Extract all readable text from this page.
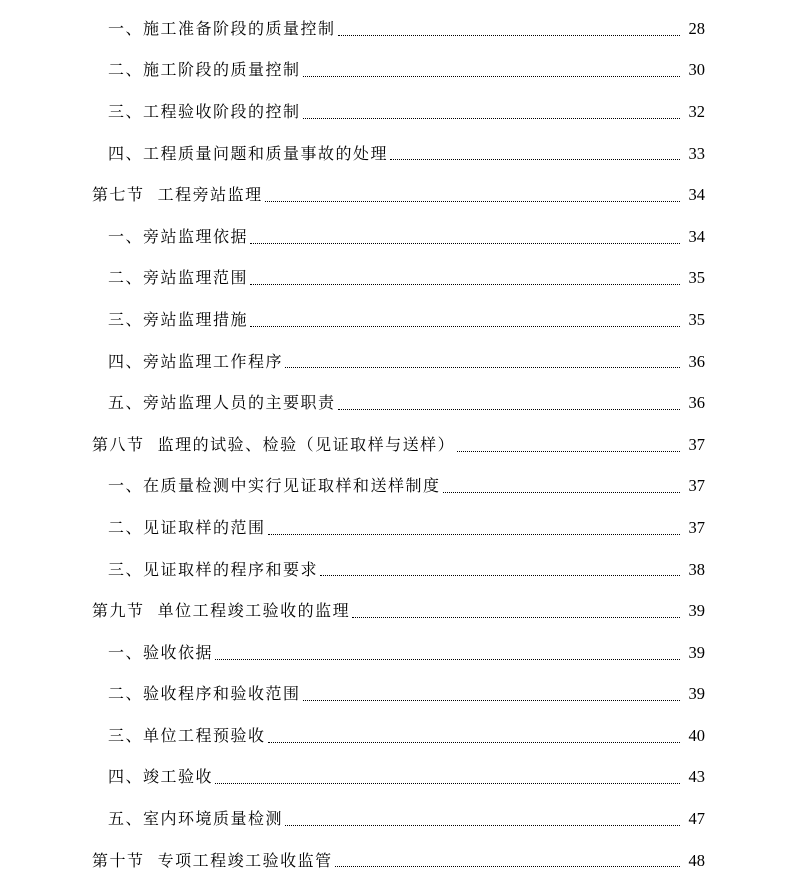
一、施工准备阶段的质量控制	28
二、施工阶段的质量控制	30
三、工程验收阶段的控制	32
四、工程质量问题和质量事故的处理	33
第七节  工程旁站监理	34
一、旁站监理依据	34
二、旁站监理范围	35
三、旁站监理措施	35
四、旁站监理工作程序	36
五、旁站监理人员的主要职责	36
第八节  监理的试验、检验（见证取样与送样）	37
一、在质量检测中实行见证取样和送样制度	37
二、见证取样的范围	37
三、见证取样的程序和要求	38
第九节  单位工程竣工验收的监理	39
一、验收依据	39
二、验收程序和验收范围	39
三、单位工程预验收	40
四、竣工验收	43
五、室内环境质量检测	47
第十节  专项工程竣工验收监管	48
